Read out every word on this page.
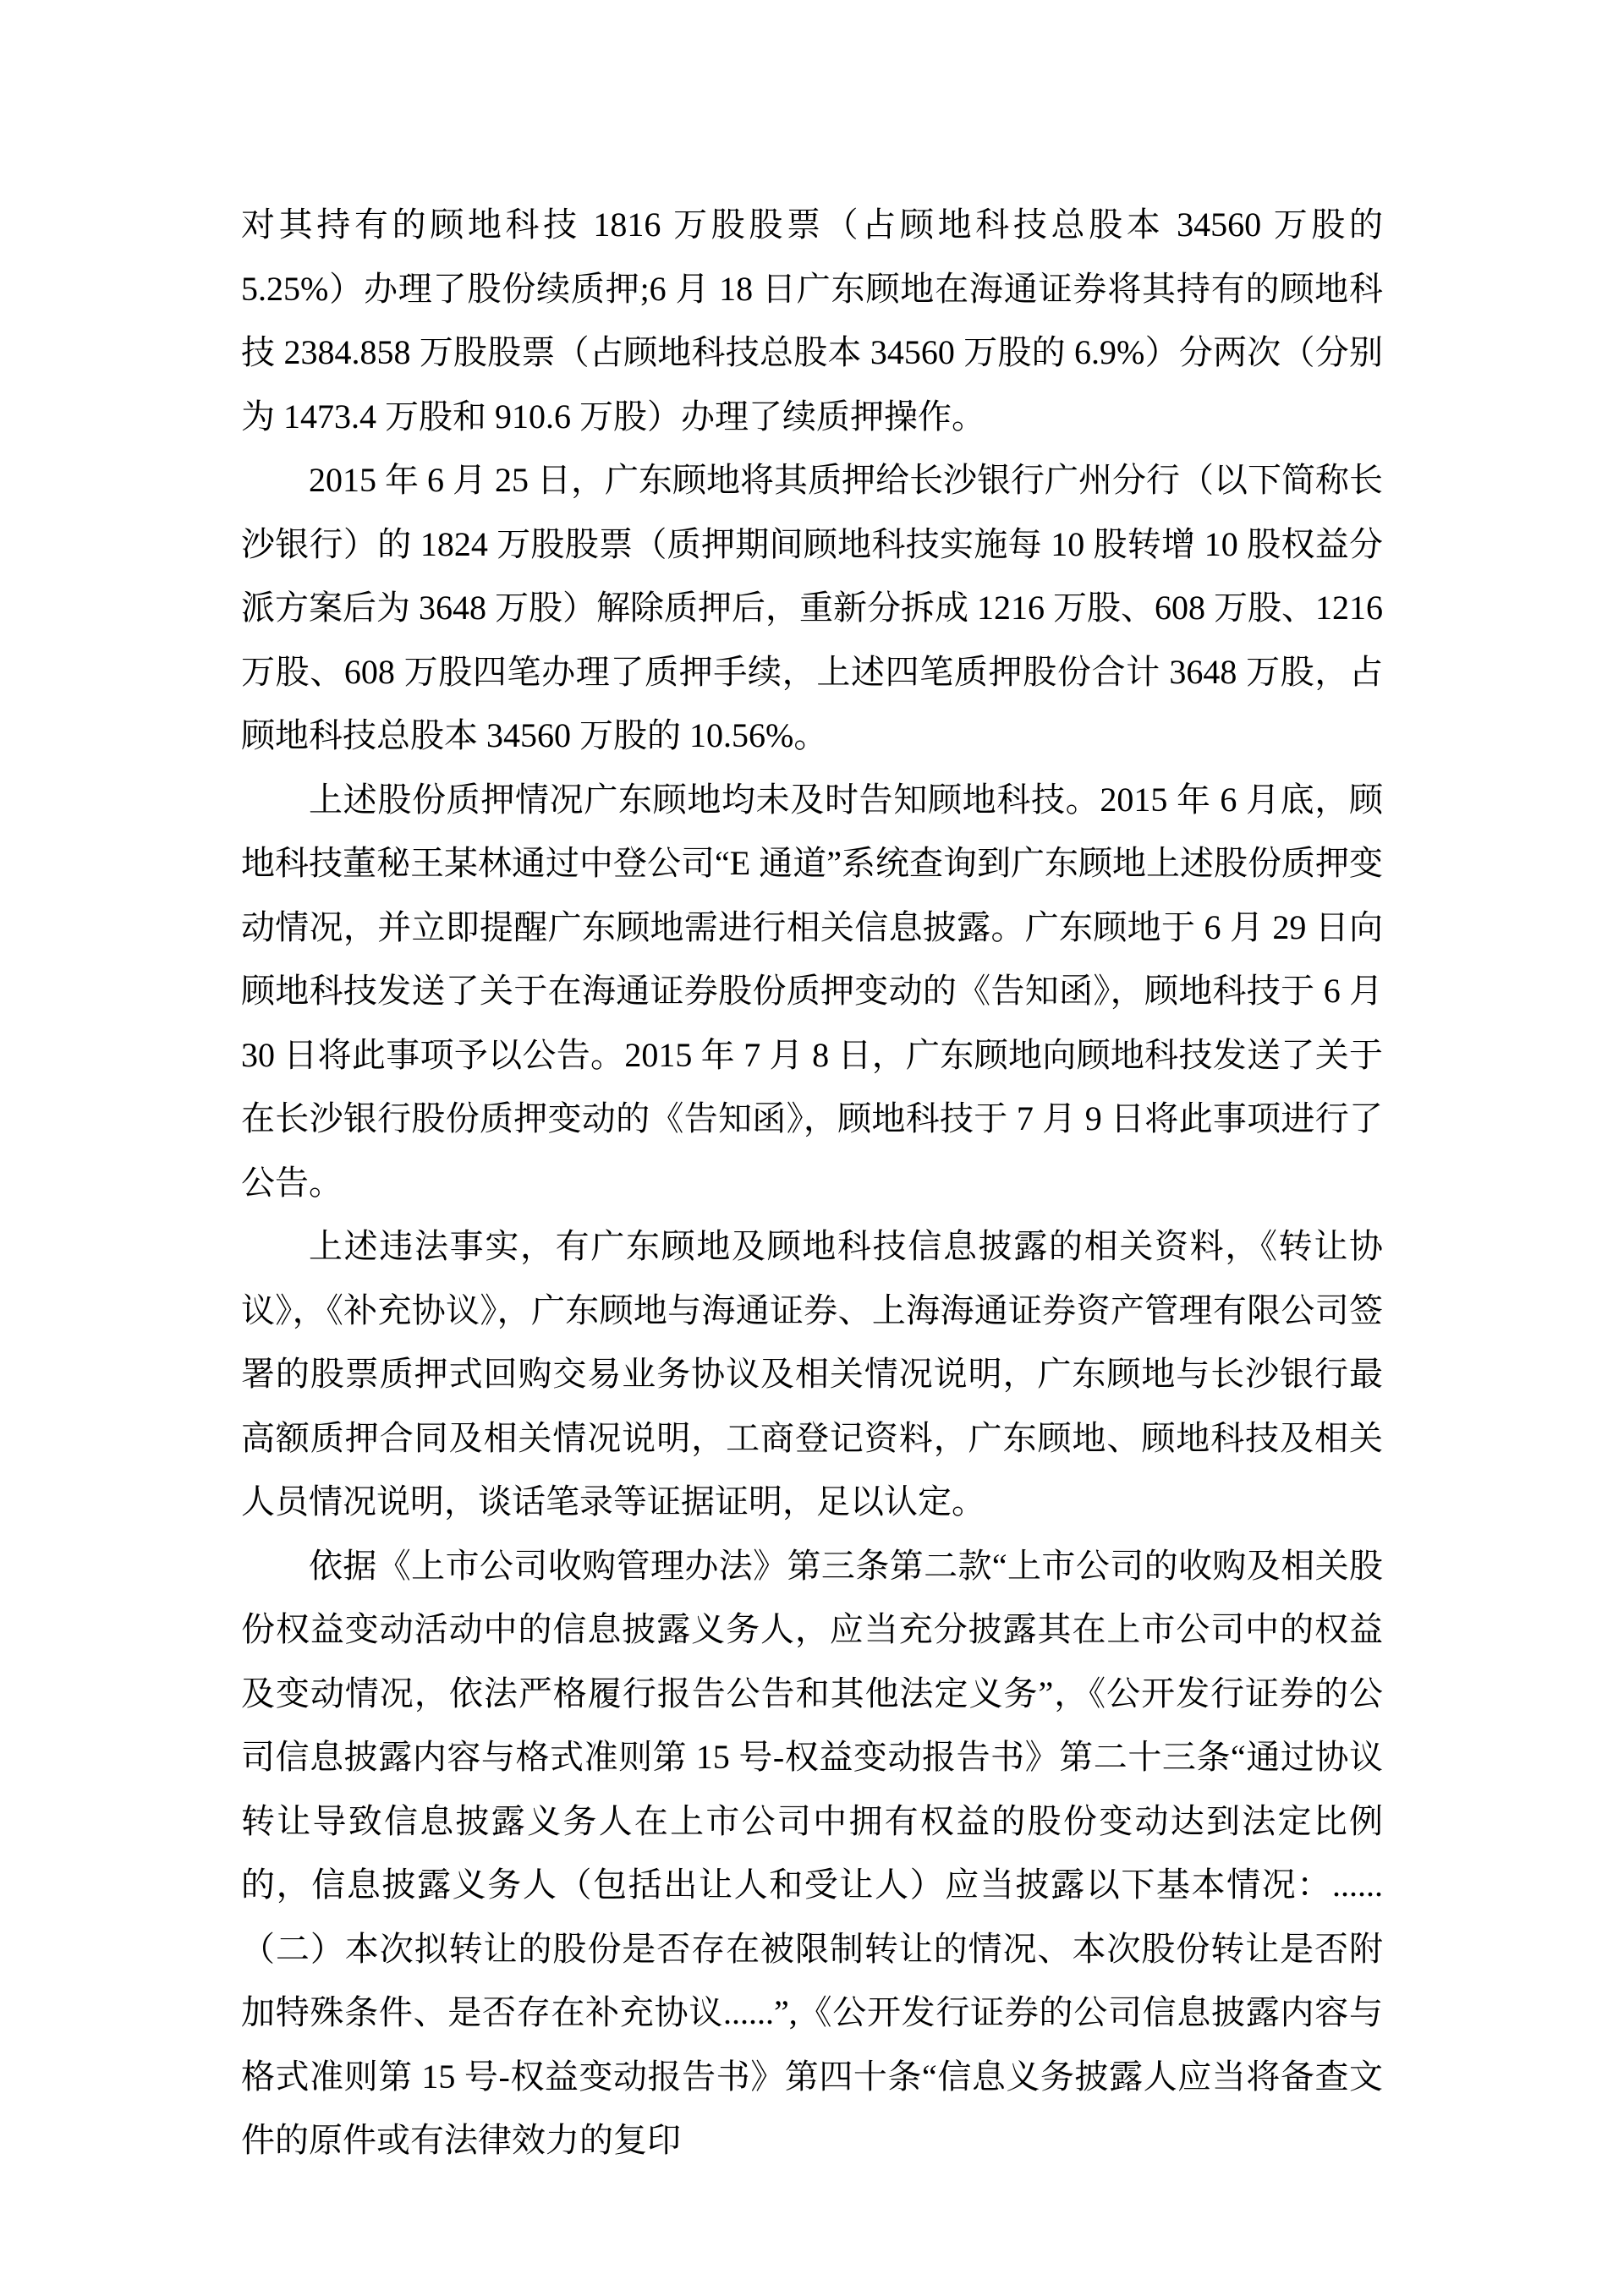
对其持有的顾地科技 1816 万股股票（占顾地科技总股本 34560 万股的 5.25%）办理了股份续质押;6 月 18 日广东顾地在海通证券将其持有的顾地科技 2384.858 万股股票（占顾地科技总股本 34560 万股的 6.9%）分两次（分别为 1473.4 万股和 910.6 万股）办理了续质押操作。

2015 年 6 月 25 日，广东顾地将其质押给长沙银行广州分行（以下简称长沙银行）的 1824 万股股票（质押期间顾地科技实施每 10 股转增 10 股权益分派方案后为 3648 万股）解除质押后，重新分拆成 1216 万股、608 万股、1216 万股、608 万股四笔办理了质押手续，上述四笔质押股份合计 3648 万股，占顾地科技总股本 34560 万股的 10.56%。

上述股份质押情况广东顾地均未及时告知顾地科技。2015 年 6 月底，顾地科技董秘王某林通过中登公司“E 通道”系统查询到广东顾地上述股份质押变动情况，并立即提醒广东顾地需进行相关信息披露。广东顾地于 6 月 29 日向顾地科技发送了关于在海通证券股份质押变动的《告知函》，顾地科技于 6 月 30 日将此事项予以公告。2015 年 7 月 8 日，广东顾地向顾地科技发送了关于在长沙银行股份质押变动的《告知函》，顾地科技于 7 月 9 日将此事项进行了公告。

上述违法事实，有广东顾地及顾地科技信息披露的相关资料，《转让协议》，《补充协议》，广东顾地与海通证券、上海海通证券资产管理有限公司签署的股票质押式回购交易业务协议及相关情况说明，广东顾地与长沙银行最高额质押合同及相关情况说明，工商登记资料，广东顾地、顾地科技及相关人员情况说明，谈话笔录等证据证明，足以认定。

依据《上市公司收购管理办法》第三条第二款“上市公司的收购及相关股份权益变动活动中的信息披露义务人，应当充分披露其在上市公司中的权益及变动情况，依法严格履行报告公告和其他法定义务”，《公开发行证券的公司信息披露内容与格式准则第 15 号-权益变动报告书》第二十三条“通过协议转让导致信息披露义务人在上市公司中拥有权益的股份变动达到法定比例的，信息披露义务人（包括出让人和受让人）应当披露以下基本情况：......（二）本次拟转让的股份是否存在被限制转让的情况、本次股份转让是否附加特殊条件、是否存在补充协议......”,《公开发行证券的公司信息披露内容与格式准则第 15 号-权益变动报告书》第四十条“信息义务披露人应当将备查文件的原件或有法律效力的复印
